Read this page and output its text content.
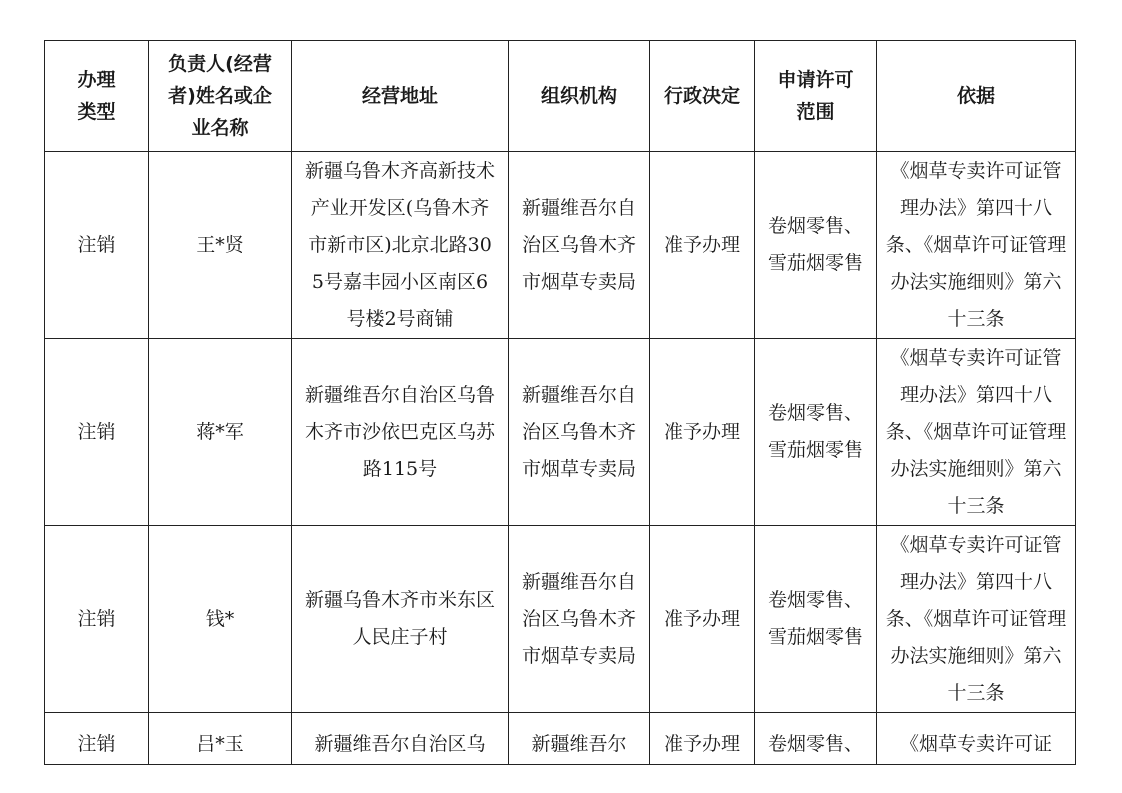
办理类型	负责人(经营者)姓名或企业名称	经营地址	组织机构	行政决定	申请许可范围	依据
注销	王*贤	新疆乌鲁木齐高新技术产业开发区(乌鲁木齐市新市区)北京北路305号嘉丰园小区南区6号楼2号商铺	新疆维吾尔自治区乌鲁木齐市烟草专卖局	准予办理	卷烟零售、雪茄烟零售	《烟草专卖许可证管理办法》第四十八条、《烟草许可证管理办法实施细则》第六十三条
注销	蒋*军	新疆维吾尔自治区乌鲁木齐市沙依巴克区乌苏路115号	新疆维吾尔自治区乌鲁木齐市烟草专卖局	准予办理	卷烟零售、雪茄烟零售	《烟草专卖许可证管理办法》第四十八条、《烟草许可证管理办法实施细则》第六十三条
注销	钱*	新疆乌鲁木齐市米东区人民庄子村	新疆维吾尔自治区乌鲁木齐市烟草专卖局	准予办理	卷烟零售、雪茄烟零售	《烟草专卖许可证管理办法》第四十八条、《烟草许可证管理办法实施细则》第六十三条

注销	吕*玉	新疆维吾尔自治区乌	新疆维吾尔	准予办理	卷烟零售、	《烟草专卖许可证
